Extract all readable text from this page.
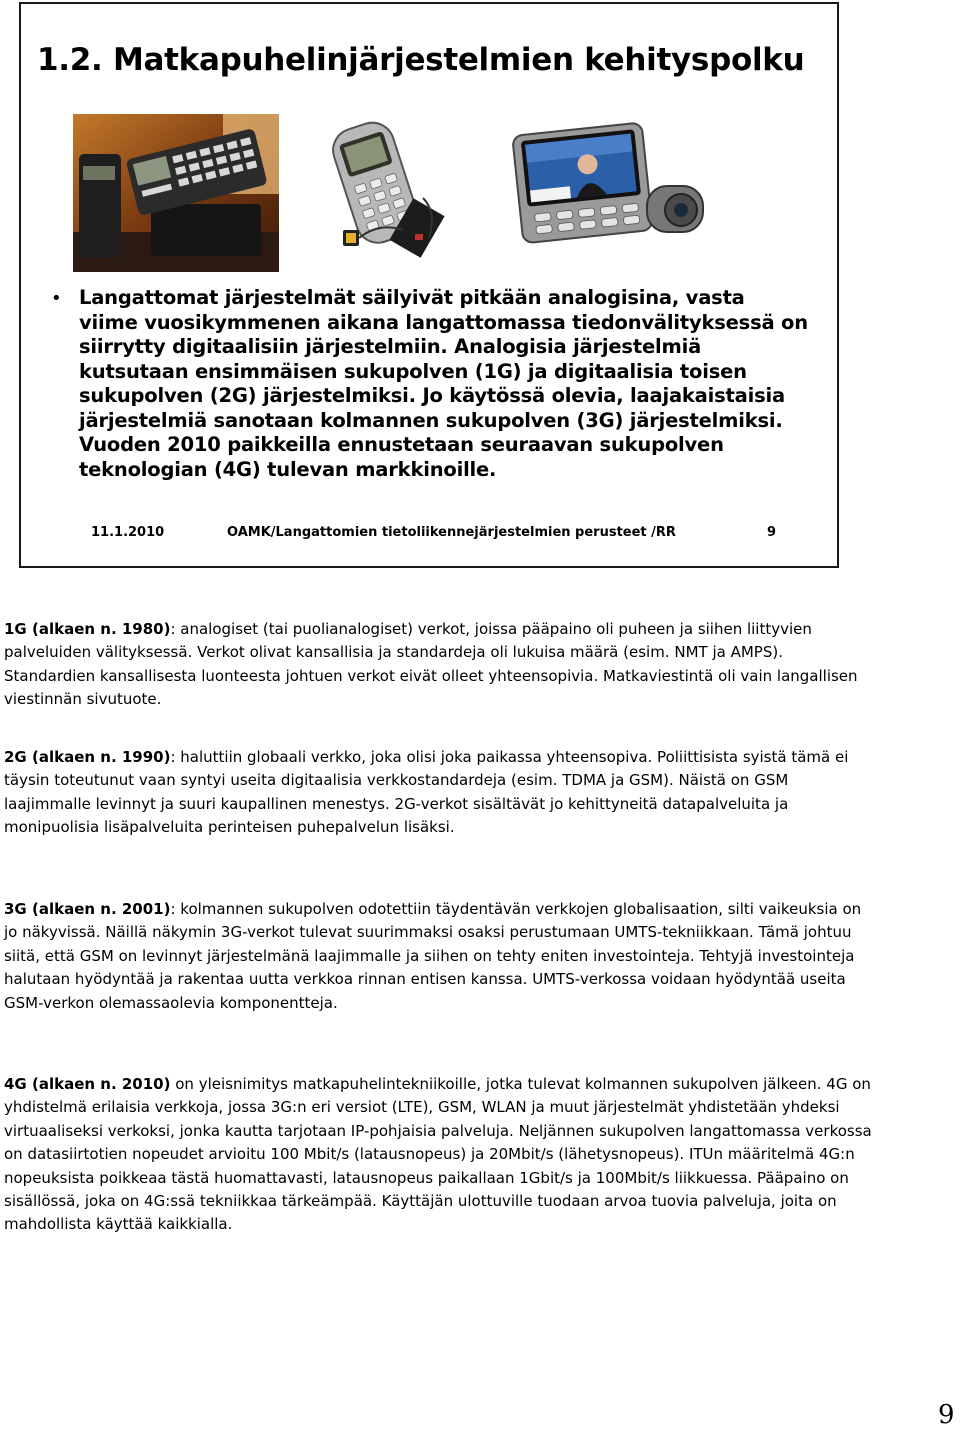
1.2. Matkapuhelinjärjestelmien kehityspolku
• Langattomat järjestelmät säilyivät pitkään analogisina, vasta viime vuosikymmenen aikana langattomassa tiedonvälityksessä on siirrytty digitaalisiin järjestelmiin. Analogisia järjestelmiä kutsutaan ensimmäisen sukupolven (1G) ja digitaalisia toisen sukupolven (2G) järjestelmiksi. Jo käytössä olevia, laajakaistaisia järjestelmiä sanotaan kolmannen sukupolven (3G) järjestelmiksi. Vuoden 2010 paikkeilla ennustetaan seuraavan sukupolven teknologian (4G) tulevan markkinoille.

11.1.2010	OAMK/Langattomien tietoliikennejärjestelmien perusteet /RR	9

1G (alkaen n. 1980): analogiset (tai puolianalogiset) verkot, joissa pääpaino oli puheen ja siihen liittyvien palveluiden välityksessä. Verkot olivat kansallisia ja standardeja oli lukuisa määrä (esim. NMT ja AMPS). Standardien kansallisesta luonteesta johtuen verkot eivät olleet yhteensopivia. Matkaviestintä oli vain langallisen viestinnän sivutuote.

2G (alkaen n. 1990): haluttiin globaali verkko, joka olisi joka paikassa yhteensopiva. Poliittisista syistä tämä ei täysin toteutunut vaan syntyi useita digitaalisia verkkostandardeja (esim. TDMA ja GSM). Näistä on GSM laajimmalle levinnyt ja suuri kaupallinen menestys. 2G-verkot sisältävät jo kehittyneitä datapalveluita ja monipuolisia lisäpalveluita perinteisen puhepalvelun lisäksi.

3G (alkaen n. 2001): kolmannen sukupolven odotettiin täydentävän verkkojen globalisaation, silti vaikeuksia on jo näkyvissä. Näillä näkymin 3G-verkot tulevat suurimmaksi osaksi perustumaan UMTS-tekniikkaan. Tämä johtuu siitä, että GSM on levinnyt järjestelmänä laajimmalle ja siihen on tehty eniten investointeja. Tehtyjä investointeja halutaan hyödyntää ja rakentaa uutta verkkoa rinnan entisen kanssa. UMTS-verkossa voidaan hyödyntää useita GSM-verkon olemassaolevia komponentteja.

4G (alkaen n. 2010) on yleisnimitys matkapuhelintekniikoille, jotka tulevat kolmannen sukupolven jälkeen. 4G on yhdistelmä erilaisia verkkoja, jossa 3G:n eri versiot (LTE), GSM, WLAN ja muut järjestelmät yhdistetään yhdeksi virtuaaliseksi verkoksi, jonka kautta tarjotaan IP-pohjaisia palveluja. Neljännen sukupolven langattomassa verkossa on datasiirtotien nopeudet arvioitu 100 Mbit/s (latausnopeus) ja 20Mbit/s (lähetysnopeus). ITUn määritelmä 4G:n nopeuksista poikkeaa tästä huomattavasti, latausnopeus paikallaan 1Gbit/s ja 100Mbit/s liikkuessa. Pääpaino on sisällössä, joka on 4G:ssä tekniikkaa tärkeämpää. Käyttäjän ulottuville tuodaan arvoa tuovia palveluja, joita on mahdollista käyttää kaikkialla.

9
